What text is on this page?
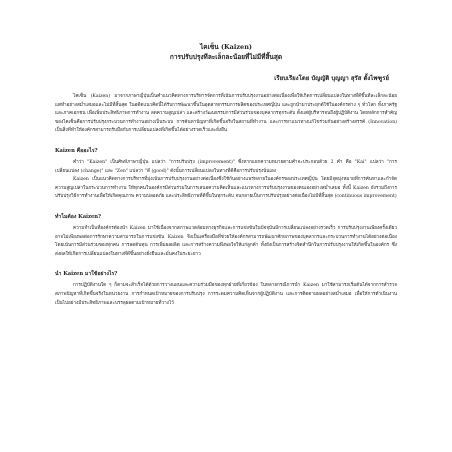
ไคเซ็น (Kaizen)

การปรับปรุงทีละเล็กละน้อยที่ไม่มีที่สิ้นสุด

เรียบเรียงโดย บัญญัติ บุญญา สุรัส ตั้งไพฑูรย์

ไคเซ็น (Kaizen) มาจากภาษาญี่ปุ่นเป็นคำแนวคิดทางการบริหารจัดการที่เน้นการปรับปรุงงานอย่างต่อเนื่องเพื่อให้เกิดการเปลี่ยนแปลงในทางที่ดีขึ้นทีละเล็กละน้อยแต่ทำอย่างสม่ำเสมอและไม่มีที่สิ้นสุด ในอดีตแนวคิดนี้ได้รับการพัฒนาขึ้นในอุตสาหกรรมการผลิตของประเทศญี่ปุ่น และถูกนำมาประยุกต์ใช้ในองค์กรต่าง ๆ ทั่วโลก ทั้งภาครัฐและภาคเอกชน เพื่อเพิ่มประสิทธิภาพการทำงาน ลดความสูญเปล่า และสร้างวัฒนธรรมการมีส่วนร่วมของบุคลากรทุกระดับ ตั้งแต่ผู้บริหารจนถึงผู้ปฏิบัติงาน โดยหลักการสำคัญของไคเซ็นคือการปรับปรุงกระบวนการทำงานอย่างเป็นระบบ การค้นหาปัญหาที่เกิดขึ้นจริงในสถานที่ทำงาน และการหาแนวทางแก้ไขร่วมกันอย่างสร้างสรรค์ (Innovation) เป็นสิ่งที่ทำให้องค์กรสามารถรับมือกับการเปลี่ยนแปลงที่เกิดขึ้นได้อย่างรวดเร็วและยั่งยืน

Kaizen คืออะไร?

คำว่า "Kaizen" เป็นศัพท์ภาษาญี่ปุ่น แปลว่า "การปรับปรุง (improvement)" ซึ่งหากแยกความหมายตามคำจะประกอบด้วย 2 คำ คือ "Kai" แปลว่า "การเปลี่ยนแปลง (change)" และ "Zen" แปลว่า "ดี (good)" ดังนั้นการเปลี่ยนแปลงในทางที่ดีคือการปรับปรุงนั่นเอง

Kaizen เป็นแนวคิดทางการบริหารที่มุ่งเน้นการปรับปรุงงานอย่างต่อเนื่องซึ่งใช้กันอย่างแพร่หลายในองค์กรของประเทศญี่ปุ่น โดยมีจุดมุ่งหมายที่การค้นหาและกำจัดความสูญเปล่าในกระบวนการทำงาน ให้ทุกคนในองค์กรมีส่วนร่วมในการเสนอความคิดเห็นและแนวทางการปรับปรุงงานของตนเองอย่างสม่ำเสมอ ทั้งนี้ Kaizen ยังรวมถึงการปรับปรุงวิธีการทำงานเพื่อให้เกิดคุณภาพ ความปลอดภัย และประสิทธิภาพที่ดีขึ้นในทุกระดับ จนกลายเป็นการปรับปรุงอย่างต่อเนื่องไม่มีที่สิ้นสุด (continuous improvement)

ทำไมต้อง Kaizen?

ความจำเป็นที่องค์กรต้องนำ Kaizen มาใช้เนื่องจากสภาพแวดล้อมทางธุรกิจและการแข่งขันในปัจจุบันมีการเปลี่ยนแปลงอย่างรวดเร็ว การปรับปรุงงานเพียงครั้งเดียวอาจไม่เพียงพอต่อการรักษาความสามารถในการแข่งขัน Kaizen จึงเป็นเครื่องมือที่ช่วยให้องค์กรสามารถพัฒนาศักยภาพของบุคลากรและกระบวนการทำงานได้อย่างต่อเนื่อง โดยเน้นการมีส่วนร่วมของทุกคน การลดต้นทุน การเพิ่มผลผลิต และการสร้างความพึงพอใจให้แก่ลูกค้า ทั้งยังเป็นการสร้างจิตสำนึกในการปรับปรุงงานให้เกิดขึ้นในองค์กร ซึ่งส่งผลให้เกิดการเปลี่ยนแปลงในทางที่ดีขึ้นอย่างยั่งยืนและมั่นคงในระยะยาว

นำ Kaizen มาใช้อย่างไร?

การปฏิบัติงานใด ๆ ก็ตามจะสำเร็จได้ด้วยการวางแผนและความร่วมมือของทุกฝ่ายที่เกี่ยวข้อง ในหลายกรณีการนำ Kaizen มาใช้สามารถเริ่มต้นได้จากการสำรวจสภาพปัญหาที่เกิดขึ้นจริงในหน่วยงาน การกำหนดเป้าหมายของการปรับปรุง การระดมความคิดเห็นจากผู้ปฏิบัติงาน และการติดตามผลอย่างสม่ำเสมอ เพื่อให้การดำเนินงานเป็นไปอย่างมีประสิทธิภาพและบรรลุผลตามเป้าหมายที่วางไว้
